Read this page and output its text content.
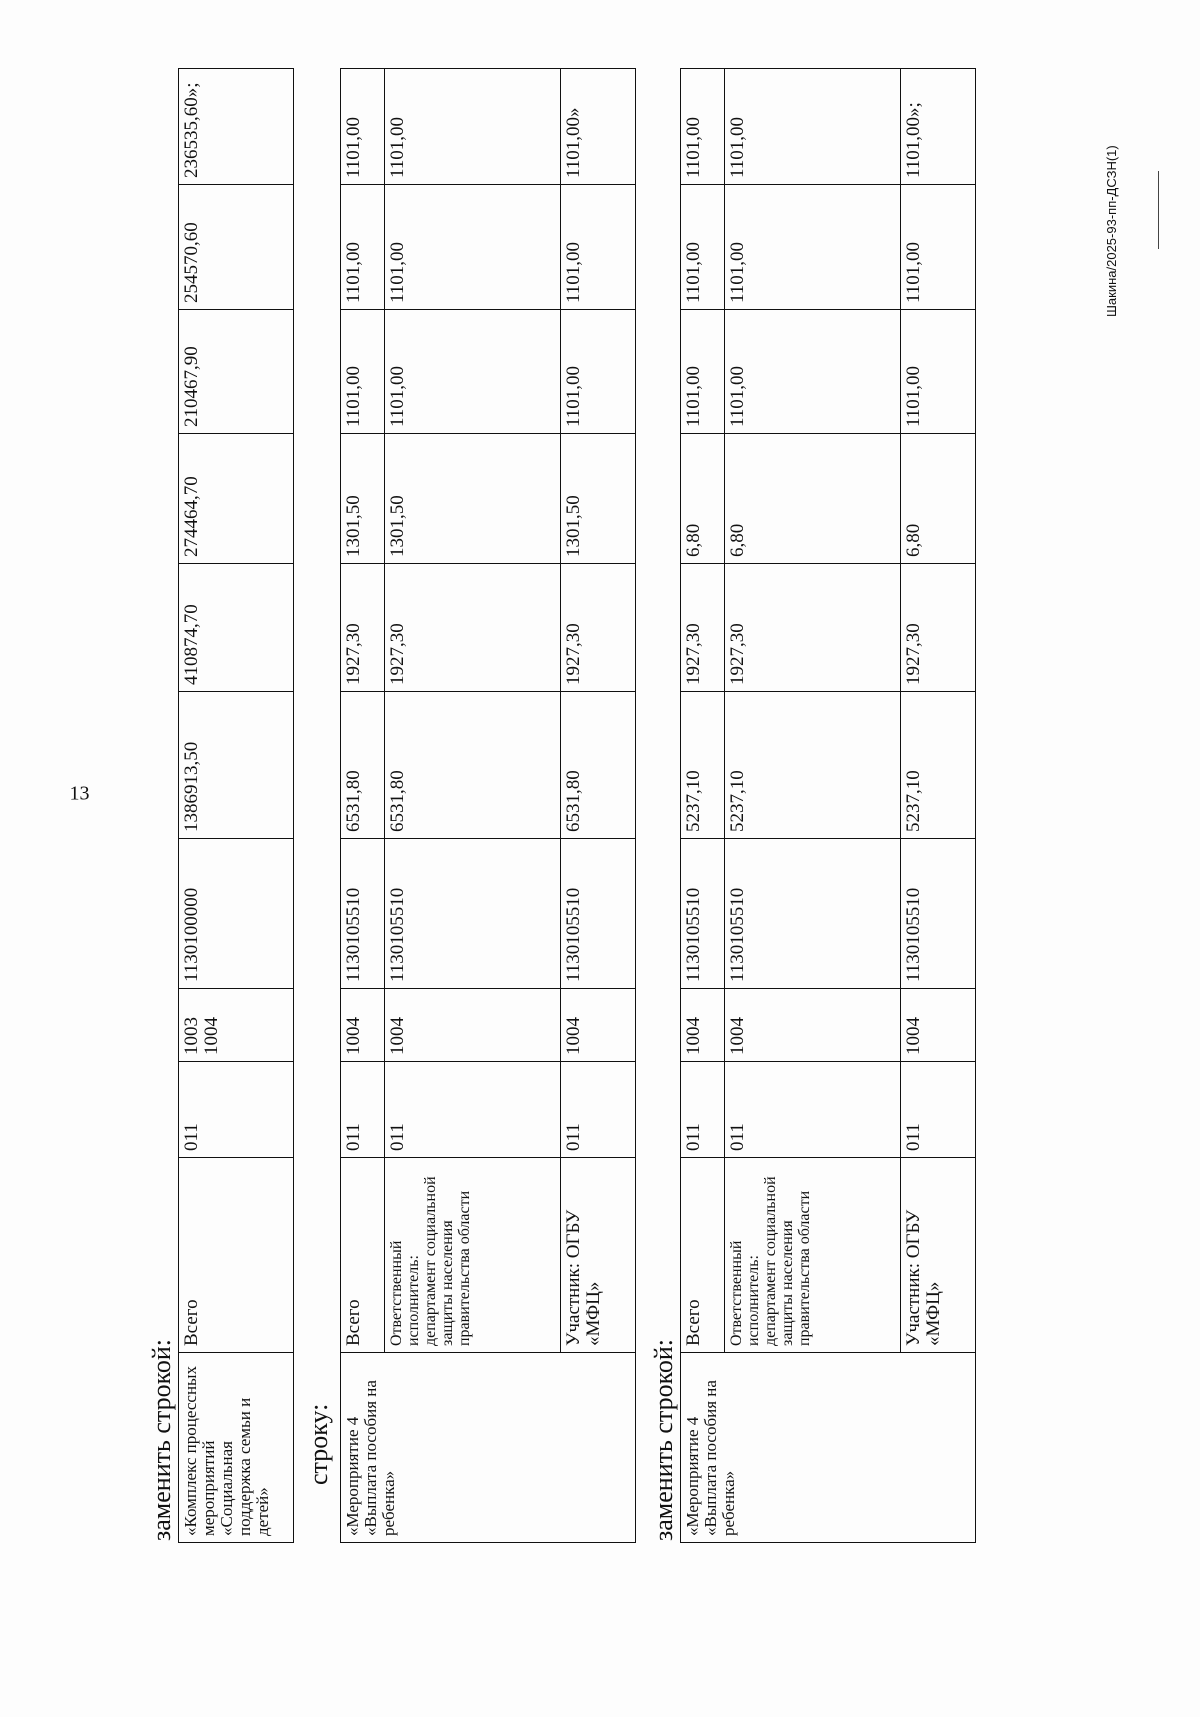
13
заменить строкой: «Комплекс процессных мероприятий «Социальная поддержка семьи и детей»	Всего	011	1003
1004	1130100000	1386913,50	410874,70	274464,70	210467,90	254570,60	236535,60»;
строку: «Мероприятие 4 «Выплата пособия на ребенка»	Всего	011	1004	1130105510	6531,80	1927,30	1301,50	1101,00	1101,00	1101,00
	Ответственный исполнитель: департамент социальной защиты населения правительства области	011	1004	1130105510	6531,80	1927,30	1301,50	1101,00	1101,00	1101,00
	Участник: ОГБУ «МФЦ»	011	1004	1130105510	6531,80	1927,30	1301,50	1101,00	1101,00	1101,00»
заменить строкой: «Мероприятие 4 «Выплата пособия на ребенка»	Всего	011	1004	1130105510	5237,10	1927,30	6,80	1101,00	1101,00	1101,00
	Ответственный исполнитель: департамент социальной защиты населения правительства области	011	1004	1130105510	5237,10	1927,30	6,80	1101,00	1101,00	1101,00
	Участник: ОГБУ «МФЦ»	011	1004	1130105510	5237,10	1927,30	6,80	1101,00	1101,00	1101,00»;
Шакина/2025-93-пп-ДСЗН(1)
